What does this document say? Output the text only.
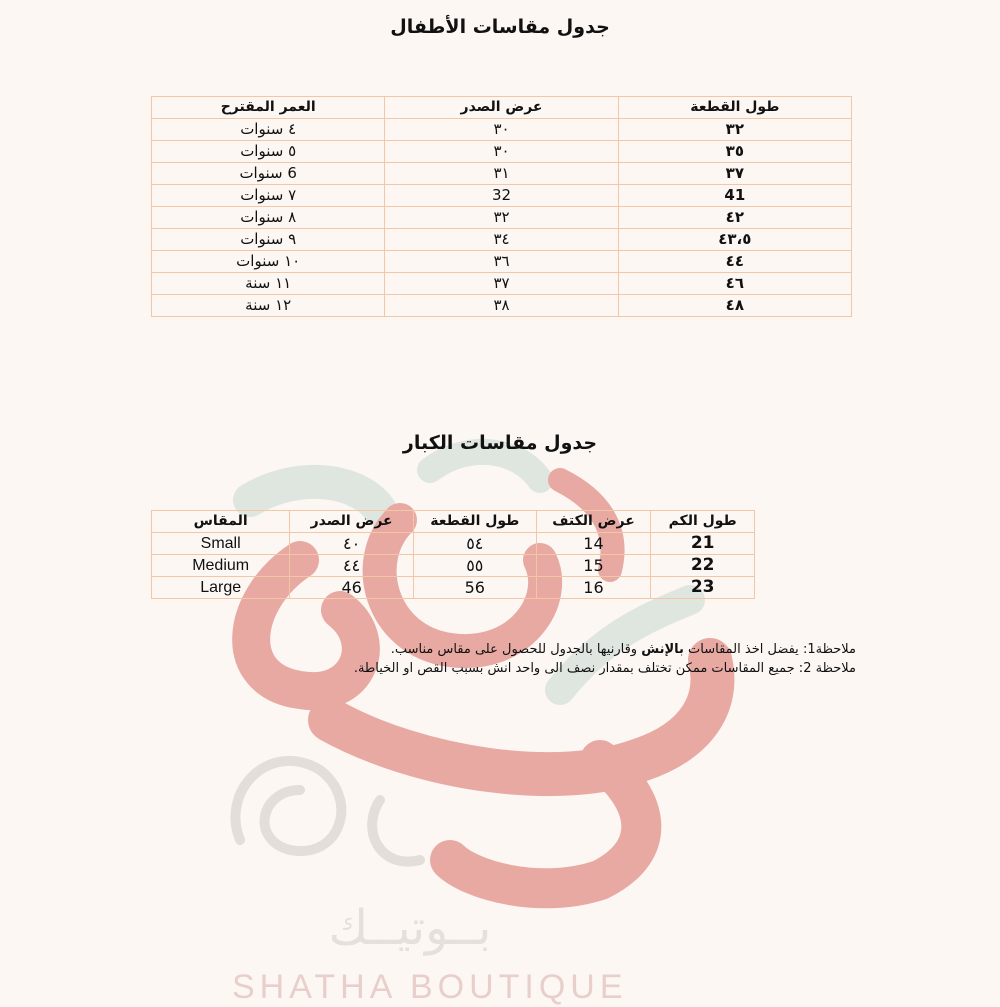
بــوتيــك
SHATHA BOUTIQUE
جدول مقاسات الأطفال
طول القطعة	عرض الصدر	العمر المقترح
٣٢	٣٠	٤ سنوات
٣٥	٣٠	٥ سنوات
٣٧	٣١	6 سنوات
41	32	٧ سنوات
٤٢	٣٢	٨ سنوات
٤٣،٥	٣٤	٩ سنوات
٤٤	٣٦	١٠ سنوات
٤٦	٣٧	١١ سنة
٤٨	٣٨	١٢ سنة
جدول مقاسات الكبار
طول الكم	عرض الكتف	طول القطعة	عرض الصدر	المقاس
21	14	٥٤	٤٠	Small
22	15	٥٥	٤٤	Medium
23	16	56	46	Large
ملاحظة1: يفضل اخذ المقاسات بالإنش وقارنيها بالجدول للحصول على مقاس مناسب.
ملاحظة 2: جميع المقاسات ممكن تختلف بمقدار نصف الى واحد انش بسبب القص او الخياطة.
